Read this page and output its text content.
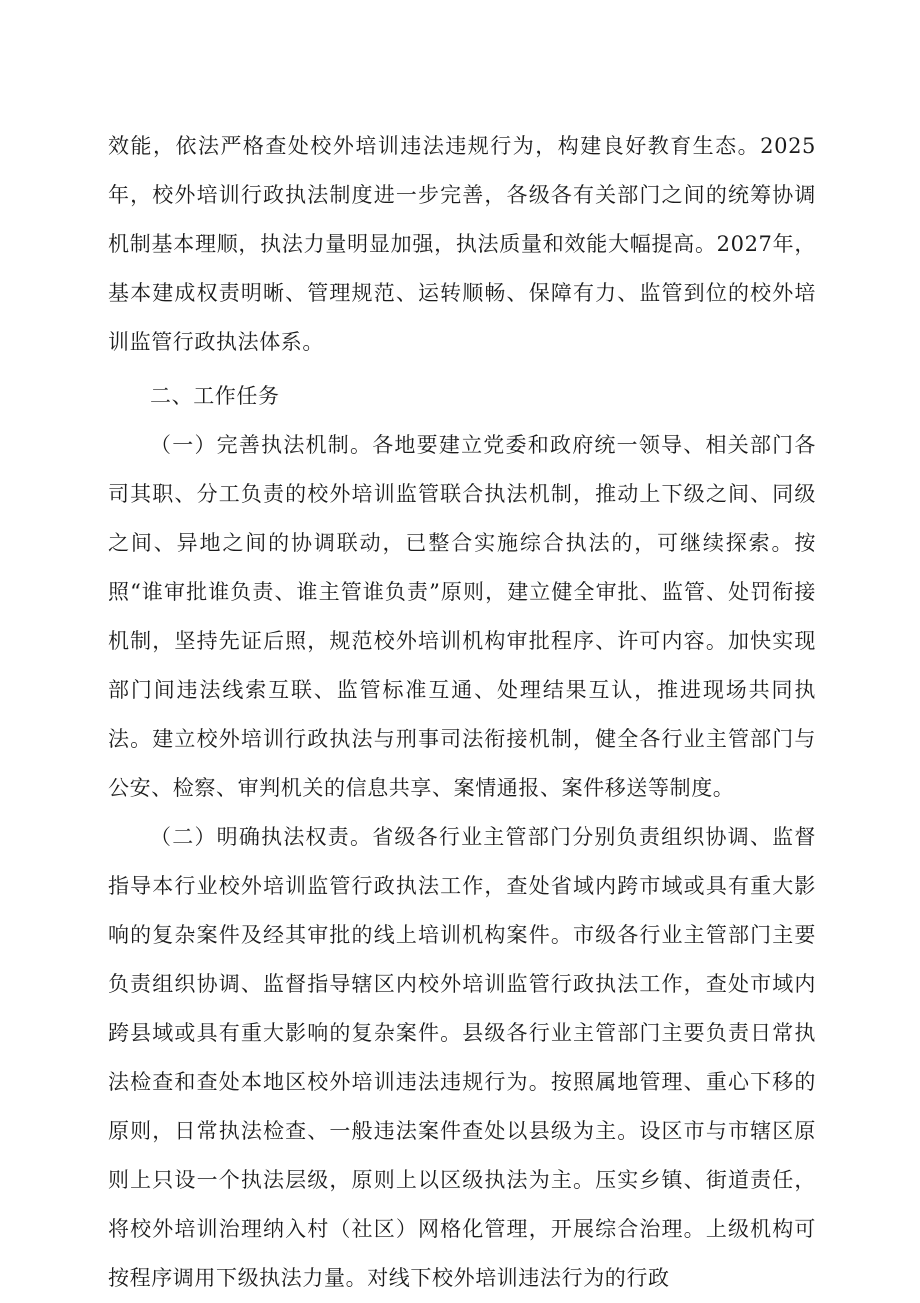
效能，依法严格查处校外培训违法违规行为，构建良好教育生态。2025年，校外培训行政执法制度进一步完善，各级各有关部门之间的统筹协调机制基本理顺，执法力量明显加强，执法质量和效能大幅提高。2027年，基本建成权责明晰、管理规范、运转顺畅、保障有力、监管到位的校外培训监管行政执法体系。

二、工作任务

（一）完善执法机制。各地要建立党委和政府统一领导、相关部门各司其职、分工负责的校外培训监管联合执法机制，推动上下级之间、同级之间、异地之间的协调联动，已整合实施综合执法的，可继续探索。按照“谁审批谁负责、谁主管谁负责”原则，建立健全审批、监管、处罚衔接机制，坚持先证后照，规范校外培训机构审批程序、许可内容。加快实现部门间违法线索互联、监管标准互通、处理结果互认，推进现场共同执法。建立校外培训行政执法与刑事司法衔接机制，健全各行业主管部门与公安、检察、审判机关的信息共享、案情通报、案件移送等制度。

（二）明确执法权责。省级各行业主管部门分别负责组织协调、监督指导本行业校外培训监管行政执法工作，查处省域内跨市域或具有重大影响的复杂案件及经其审批的线上培训机构案件。市级各行业主管部门主要负责组织协调、监督指导辖区内校外培训监管行政执法工作，查处市域内跨县域或具有重大影响的复杂案件。县级各行业主管部门主要负责日常执法检查和查处本地区校外培训违法违规行为。按照属地管理、重心下移的原则，日常执法检查、一般违法案件查处以县级为主。设区市与市辖区原则上只设一个执法层级，原则上以区级执法为主。压实乡镇、街道责任，将校外培训治理纳入村（社区）网格化管理，开展综合治理。上级机构可按程序调用下级执法力量。对线下校外培训违法行为的行政
